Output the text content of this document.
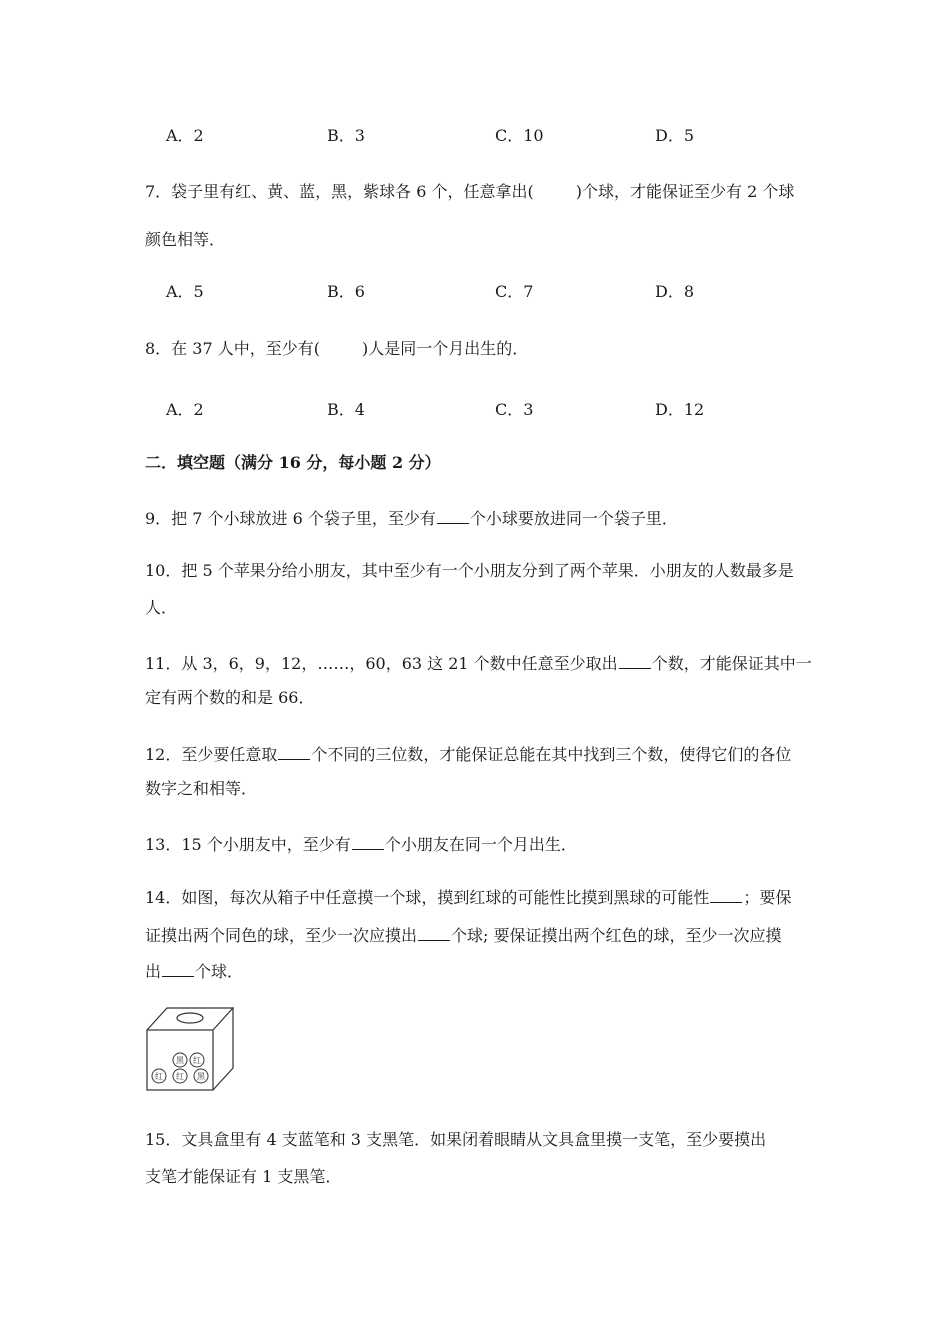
A．2	B．3	C．10	D．5
7．袋子里有红、黄、蓝，黑，紫球各 6 个，任意拿出(	)个球，才能保证至少有 2 个球
颜色相等．
A．5	B．6	C．7	D．8
8．在 37 人中，至少有(	)人是同一个月出生的．
A．2	B．4	C．3	D．12
二．填空题（满分 16 分，每小题 2 分）
9．把 7 个小球放进 6 个袋子里，至少有 个小球要放进同一个袋子里．
10．把 5 个苹果分给小朋友，其中至少有一个小朋友分到了两个苹果．小朋友的人数最多是
人．
11．从 3，6，9，12，……，60，63 这 21 个数中任意至少取出 个数，才能保证其中一
定有两个数的和是 66．
12．至少要任意取 个不同的三位数，才能保证总能在其中找到三个数，使得它们的各位
数字之和相等．
13．15 个小朋友中，至少有 个小朋友在同一个月出生．
14．如图，每次从箱子中任意摸一个球，摸到红球的可能性比摸到黑球的可能性 ；要保
证摸出两个同色的球，至少一次应摸出 个球; 要保证摸出两个红色的球，至少一次应摸
出 个球．
黑 红
红 红 黑
15．文具盒里有 4 支蓝笔和 3 支黑笔．如果闭着眼睛从文具盒里摸一支笔，至少要摸出
支笔才能保证有 1 支黑笔．
